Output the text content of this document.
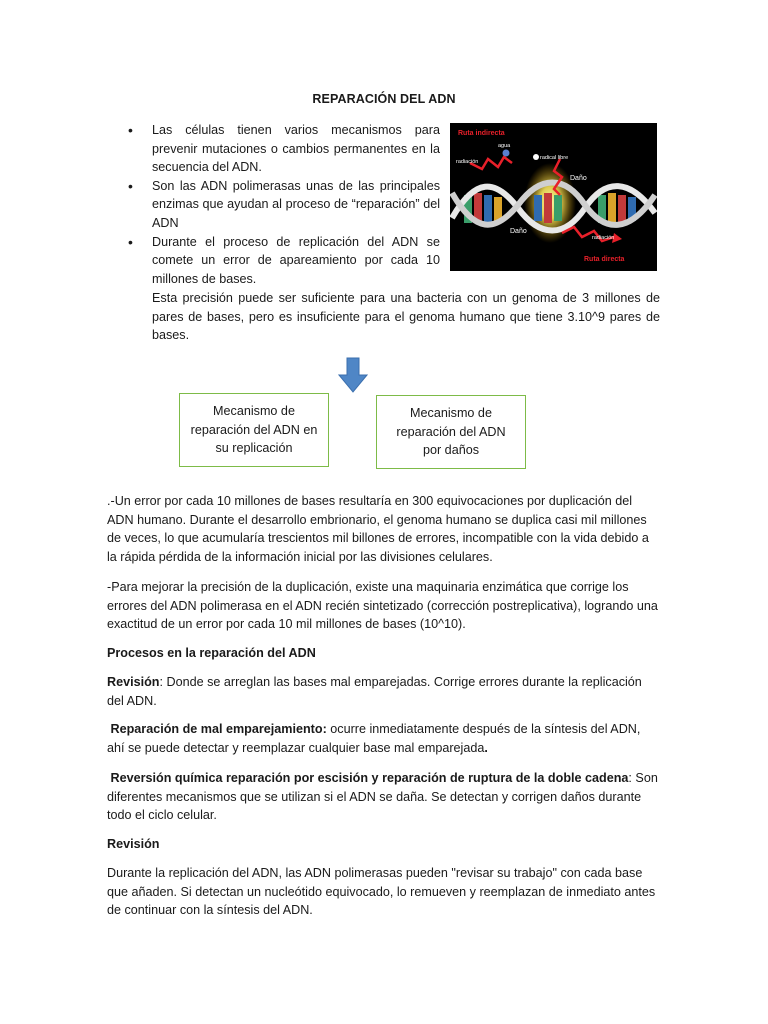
REPARACIÓN DEL ADN
• Las células tienen varios mecanismos para prevenir mutaciones o cambios permanentes en la secuencia del ADN.
• Son las ADN polimerasas unas de las principales enzimas que ayudan al proceso de “reparación” del ADN
• Durante el proceso de replicación del ADN se comete un error de apareamiento por cada 10 millones de bases.
Esta precisión puede ser suficiente para una bacteria con un genoma de 3 millones de pares de bases, pero es insuficiente para el genoma humano que tiene 3.10^9 pares de bases.
Ruta indirecta
agua
radiación
radical libre
Daño
Daño
radiación
Ruta directa
Mecanismo de reparación del ADN en su replicación
Mecanismo de reparación del ADN por daños

.-Un error por cada 10 millones de bases resultaría en 300 equivocaciones por duplicación del ADN humano. Durante el desarrollo embrionario, el genoma humano se duplica casi mil millones de veces, lo que acumularía trescientos mil billones de errores, incompatible con la vida debido a la rápida pérdida de la información inicial por las divisiones celulares.

-Para mejorar la precisión de la duplicación, existe una maquinaria enzimática que corrige los errores del ADN polimerasa en el ADN recién sintetizado (corrección postreplicativa), logrando una exactitud de un error por cada 10 mil millones de bases (10^10).

Procesos en la reparación del ADN

Revisión: Donde se arreglan las bases mal emparejadas. Corrige errores durante la replicación del ADN.

Reparación de mal emparejamiento: ocurre inmediatamente después de la síntesis del ADN, ahí se puede detectar y reemplazar cualquier base mal emparejada.

Reversión química reparación por escisión y reparación de ruptura de la doble cadena: Son diferentes mecanismos que se utilizan si el ADN se daña. Se detectan y corrigen daños durante todo el ciclo celular.

Revisión

Durante la replicación del ADN, las ADN polimerasas pueden "revisar su trabajo" con cada base que añaden. Si detectan un nucleótido equivocado, lo remueven y reemplazan de inmediato antes de continuar con la síntesis del ADN.
